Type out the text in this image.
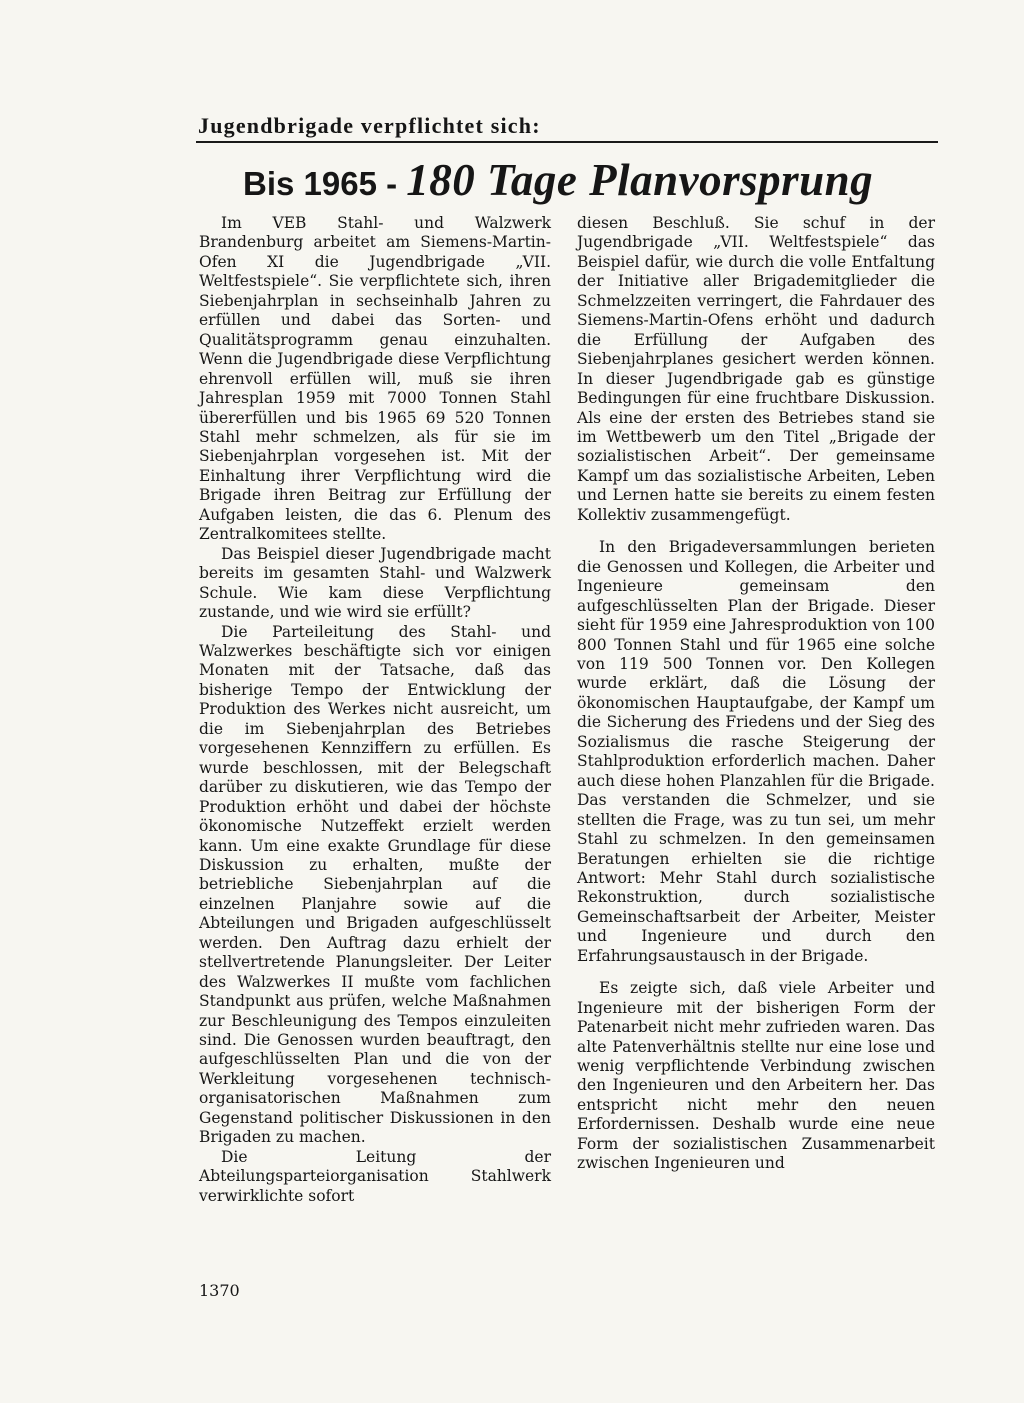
Jugendbrigade verpflichtet sich:
Bis 1965 - 180 Tage Planvorsprung

Im VEB Stahl- und Walzwerk Brandenburg arbeitet am Siemens-Martin-Ofen XI die Jugendbrigade „VII. Weltfestspiele“. Sie verpflichtete sich, ihren Siebenjahrplan in sechseinhalb Jahren zu erfüllen und dabei das Sorten- und Qualitätsprogramm genau einzuhalten. Wenn die Jugendbrigade diese Verpflichtung ehrenvoll erfüllen will, muß sie ihren Jahresplan 1959 mit 7000 Tonnen Stahl übererfüllen und bis 1965 69 520 Tonnen Stahl mehr schmelzen, als für sie im Siebenjahrplan vorgesehen ist. Mit der Einhaltung ihrer Verpflichtung wird die Brigade ihren Beitrag zur Erfüllung der Aufgaben leisten, die das 6. Plenum des Zentralkomitees stellte.

Das Beispiel dieser Jugendbrigade macht bereits im gesamten Stahl- und Walzwerk Schule. Wie kam diese Verpflichtung zustande, und wie wird sie erfüllt?

Die Parteileitung des Stahl- und Walzwerkes beschäftigte sich vor einigen Monaten mit der Tatsache, daß das bisherige Tempo der Entwicklung der Produktion des Werkes nicht ausreicht, um die im Siebenjahrplan des Betriebes vorgesehenen Kennziffern zu erfüllen. Es wurde beschlossen, mit der Belegschaft darüber zu diskutieren, wie das Tempo der Produktion erhöht und dabei der höchste ökonomische Nutzeffekt erzielt werden kann. Um eine exakte Grundlage für diese Diskussion zu erhalten, mußte der betriebliche Siebenjahrplan auf die einzelnen Planjahre sowie auf die Abteilungen und Brigaden aufgeschlüsselt werden. Den Auftrag dazu erhielt der stellvertretende Planungsleiter. Der Leiter des Walzwerkes II mußte vom fachlichen Standpunkt aus prüfen, welche Maßnahmen zur Beschleunigung des Tempos einzuleiten sind. Die Genossen wurden beauftragt, den aufgeschlüsselten Plan und die von der Werkleitung vorgesehenen technisch-organisatorischen Maßnahmen zum Gegenstand politischer Diskussionen in den Brigaden zu machen.

Die Leitung der Abteilungsparteiorganisation Stahlwerk verwirklichte sofort

diesen Beschluß. Sie schuf in der Jugendbrigade „VII. Weltfestspiele“ das Beispiel dafür, wie durch die volle Entfaltung der Initiative aller Brigademitglieder die Schmelzzeiten verringert, die Fahrdauer des Siemens-Martin-Ofens erhöht und dadurch die Erfüllung der Aufgaben des Siebenjahrplanes gesichert werden können. In dieser Jugendbrigade gab es günstige Bedingungen für eine fruchtbare Diskussion. Als eine der ersten des Betriebes stand sie im Wettbewerb um den Titel „Brigade der sozialistischen Arbeit“. Der gemeinsame Kampf um das sozialistische Arbeiten, Leben und Lernen hatte sie bereits zu einem festen Kollektiv zusammengefügt.

In den Brigadeversammlungen berieten die Genossen und Kollegen, die Arbeiter und Ingenieure gemeinsam den aufgeschlüsselten Plan der Brigade. Dieser sieht für 1959 eine Jahresproduktion von 100 800 Tonnen Stahl und für 1965 eine solche von 119 500 Tonnen vor. Den Kollegen wurde erklärt, daß die Lösung der ökonomischen Hauptaufgabe, der Kampf um die Sicherung des Friedens und der Sieg des Sozialismus die rasche Steigerung der Stahlproduktion erforderlich machen. Daher auch diese hohen Planzahlen für die Brigade. Das verstanden die Schmelzer, und sie stellten die Frage, was zu tun sei, um mehr Stahl zu schmelzen. In den gemeinsamen Beratungen erhielten sie die richtige Antwort: Mehr Stahl durch sozialistische Rekonstruktion, durch sozialistische Gemeinschaftsarbeit der Arbeiter, Meister und Ingenieure und durch den Erfahrungsaustausch in der Brigade.

Es zeigte sich, daß viele Arbeiter und Ingenieure mit der bisherigen Form der Patenarbeit nicht mehr zufrieden waren. Das alte Patenverhältnis stellte nur eine lose und wenig verpflichtende Verbindung zwischen den Ingenieuren und den Arbeitern her. Das entspricht nicht mehr den neuen Erfordernissen. Deshalb wurde eine neue Form der sozialistischen Zusammenarbeit zwischen Ingenieuren und

1370
